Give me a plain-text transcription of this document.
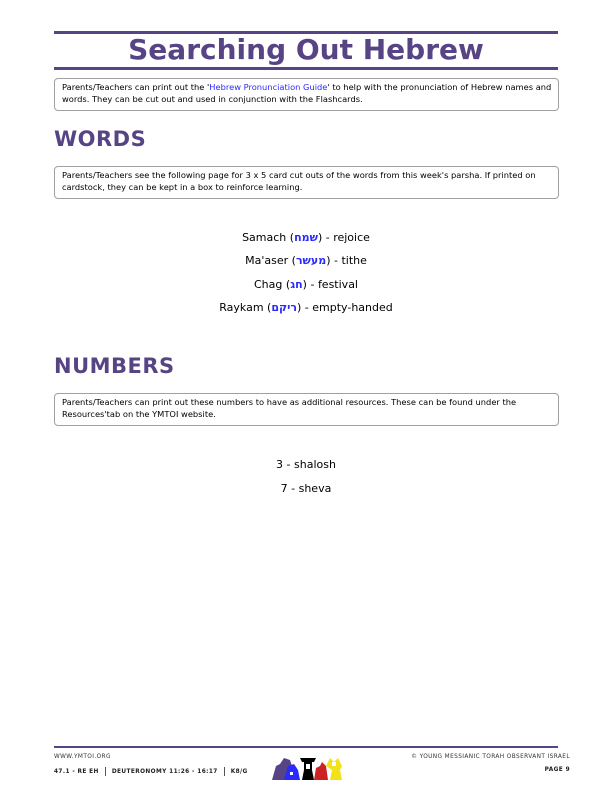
Searching Out Hebrew
Parents/Teachers can print out the 'Hebrew Pronunciation Guide' to help with the pronunciation of Hebrew names and words. They can be cut out and used in conjunction with the Flashcards.
WORDS
Parents/Teachers see the following page for 3 x 5 card cut outs of the words from this week's parsha. If printed on cardstock, they can be kept in a box to reinforce learning.
Samach (שמח) - rejoice
Ma'aser (מעשר) - tithe
Chag (חג) - festival
Raykam (ריקם) - empty-handed
NUMBERS
Parents/Teachers can print out these numbers to have as additional resources. These can be found under the Resources'tab on the YMTOI website.
3 - shalosh
7 - sheva
WWW.YMTOI.ORG
47.1 - RE EH DEUTERONOMY 11:26 - 16:17 K8/G
© YOUNG MESSIANIC TORAH OBSERVANT ISRAEL
PAGE 9
